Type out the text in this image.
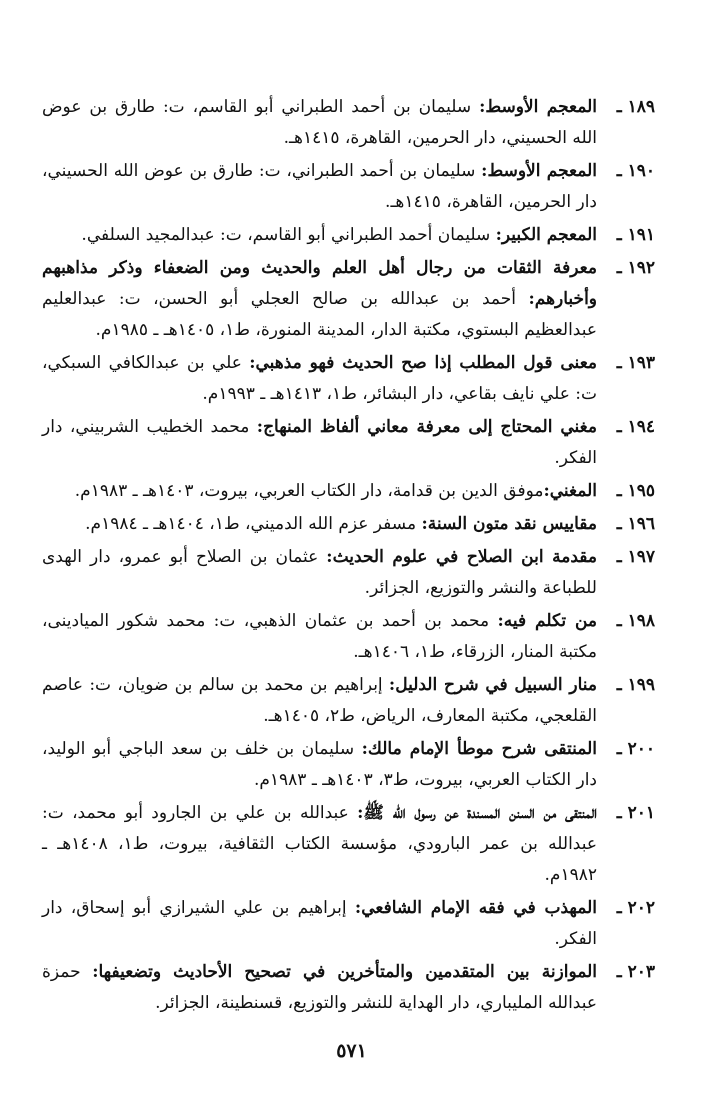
١٨٩ ـ
المعجم الأوسط: سليمان بن أحمد الطبراني أبو القاسم، ت: طارق بن عوض الله الحسيني، دار الحرمين، القاهرة، ١٤١٥هـ.
١٩٠ ـ
المعجم الأوسط: سليمان بن أحمد الطبراني، ت: طارق بن عوض الله الحسيني، دار الحرمين، القاهرة، ١٤١٥هـ.
١٩١ ـ
المعجم الكبير: سليمان أحمد الطبراني أبو القاسم، ت: عبدالمجيد السلفي.
١٩٢ ـ
معرفة الثقات من رجال أهل العلم والحديث ومن الضعفاء وذكر مذاهبهم وأخبارهم: أحمد بن عبدالله بن صالح العجلي أبو الحسن، ت: عبدالعليم عبدالعظيم البستوي، مكتبة الدار، المدينة المنورة، ط١، ١٤٠٥هـ ـ ١٩٨٥م.
١٩٣ ـ
معنى قول المطلب إذا صح الحديث فهو مذهبي: علي بن عبدالكافي السبكي، ت: علي نايف بقاعي، دار البشائر، ط١، ١٤١٣هـ ـ ١٩٩٣م.
١٩٤ ـ
مغني المحتاج إلى معرفة معاني ألفاظ المنهاج: محمد الخطيب الشربيني، دار الفكر.
١٩٥ ـ
المغني:موفق الدين بن قدامة، دار الكتاب العربي، بيروت، ١٤٠٣هـ ـ ١٩٨٣م.
١٩٦ ـ
مقاييس نقد متون السنة: مسفر عزم الله الدميني، ط١، ١٤٠٤هـ ـ ١٩٨٤م.
١٩٧ ـ
مقدمة ابن الصلاح في علوم الحديث: عثمان بن الصلاح أبو عمرو، دار الهدى للطباعة والنشر والتوزيع، الجزائر.
١٩٨ ـ
من تكلم فيه: محمد بن أحمد بن عثمان الذهبي، ت: محمد شكور الميادينى، مكتبة المنار، الزرقاء، ط١، ١٤٠٦هـ.
١٩٩ ـ
منار السبيل في شرح الدليل: إبراهيم بن محمد بن سالم بن ضويان، ت: عاصم القلعجي، مكتبة المعارف، الرياض، ط٢، ١٤٠٥هـ.
٢٠٠ ـ
المنتقى شرح موطأ الإمام مالك: سليمان بن خلف بن سعد الباجي أبو الوليد، دار الكتاب العربي، بيروت، ط٣، ١٤٠٣هـ ـ ١٩٨٣م.
٢٠١ ـ
المنتقى من السنن المسندة عن رسول الله ﷺ: عبدالله بن علي بن الجارود أبو محمد، ت: عبدالله بن عمر البارودي، مؤسسة الكتاب الثقافية، بيروت، ط١، ١٤٠٨هـ ـ ١٩٨٢م.
٢٠٢ ـ
المهذب في فقه الإمام الشافعي: إبراهيم بن علي الشيرازي أبو إسحاق، دار الفكر.
٢٠٣ ـ
الموازنة بين المتقدمين والمتأخرين في تصحيح الأحاديث وتضعيفها: حمزة عبدالله المليباري، دار الهداية للنشر والتوزيع، قسنطينة، الجزائر.
٥٧١
